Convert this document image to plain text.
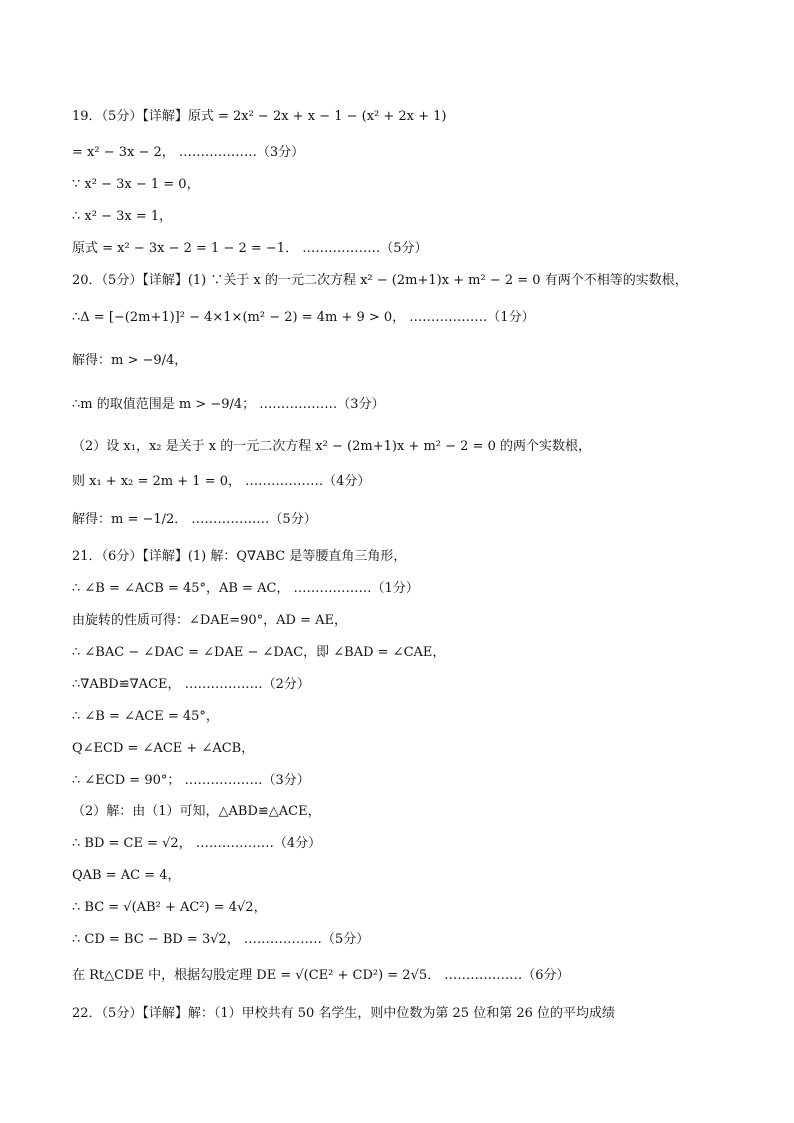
19．（5分）【详解】原式 = 2x² − 2x + x − 1 − (x² + 2x + 1)
= x² − 3x − 2， ………………（3分）
∵ x² − 3x − 1 = 0，
∴ x² − 3x = 1，
原式 = x² − 3x − 2 = 1 − 2 = −1． ………………（5分）
20．（5分）【详解】(1) ∵关于 x 的一元二次方程 x² − (2m+1)x + m² − 2 = 0 有两个不相等的实数根，
∴Δ = [−(2m+1)]² − 4×1×(m² − 2) = 4m + 9 > 0， ………………（1分）
解得：m > −9/4，
∴m 的取值范围是 m > −9/4； ………………（3分）
（2）设 x₁，x₂ 是关于 x 的一元二次方程 x² − (2m+1)x + m² − 2 = 0 的两个实数根，
则 x₁ + x₂ = 2m + 1 = 0， ………………（4分）
解得：m = −1/2． ………………（5分）
21．（6分）【详解】(1) 解：Q∇ABC 是等腰直角三角形，
∴ ∠B = ∠ACB = 45°，AB = AC， ………………（1分）
由旋转的性质可得：∠DAE=90°，AD = AE，
∴ ∠BAC − ∠DAC = ∠DAE − ∠DAC，即 ∠BAD = ∠CAE，
∴∇ABD≌∇ACE， ………………（2分）
∴ ∠B = ∠ACE = 45°，
Q∠ECD = ∠ACE + ∠ACB，
∴ ∠ECD = 90°； ………………（3分）
（2）解：由（1）可知，△ABD≌△ACE，
∴ BD = CE = √2， ………………（4分）
QAB = AC = 4，
∴ BC = √(AB² + AC²) = 4√2，
∴ CD = BC − BD = 3√2， ………………（5分）
在 Rt△CDE 中，根据勾股定理 DE = √(CE² + CD²) = 2√5． ………………（6分）
22．（5分）【详解】解：（1）甲校共有 50 名学生，则中位数为第 25 位和第 26 位的平均成绩
